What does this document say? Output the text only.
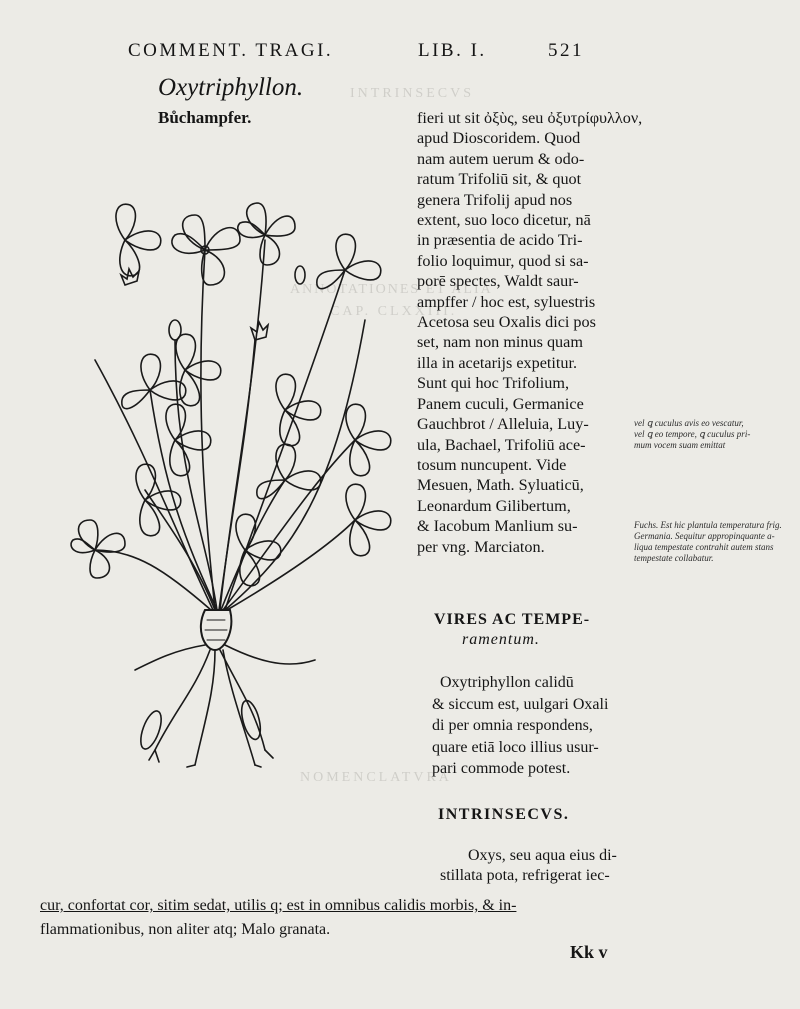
INTRINSECVS
ANNOTATIONES ET ALIA
CAP. CLXXIII.
NOMENCLATVRA
COMMENT. TRAGI.	LIB. I.	521
Oxytriphyllon.
Bůchampfer.	fieri ut sit ὀξὺς, seu ὀξυτρίφυλλον,
apud Dioscoridem. Quod
nam autem uerum & odo-
ratum Trifoliū sit, & quot
genera Trifolij apud nos
extent, suo loco dicetur, nā
in præsentia de acido Tri-
folio loquimur, quod si sa-
porē spectes, Waldt saur-
ampffer / hoc est, syluestris
Acetosa seu Oxalis dici pos
set, nam non minus quam
illa in acetarijs expetitur.
Sunt qui hoc Trifolium,
Panem cuculi, Germanice
Gauchbrot / Alleluia, Luy-
ula, Bachael, Trifoliū ace-
tosum nuncupent. Vide
Mesuen, Math. Syluaticū,
Leonardum Gilibertum,
& Iacobum Manlium su-
per vng. Marciaton.
vel ꝗ cuculus avis eo vescatur,
vel ꝗ eo tempore, ꝗ cuculus pri-
mum vocem suam emittat
Fuchs. Est hic plantula temperatura frig.
Germania. Sequitur appropinquante a-
liqua tempestate contrahit autem stans
tempestate collabatur.
VIRES AC TEMPE-
ramentum.
Oxytriphyllon calidū
& siccum est, uulgari Oxali
di per omnia respondens,
quare etiā loco illius usur-
pari commode potest.
INTRINSECVS.
Oxys, seu aqua eius di-
stillata pota, refrigerat iec-
cur, confortat cor, sitim sedat, utilis q; est in omnibus calidis morbis, & in-
flammationibus, non aliter atq; Malo granata.
Kk v
